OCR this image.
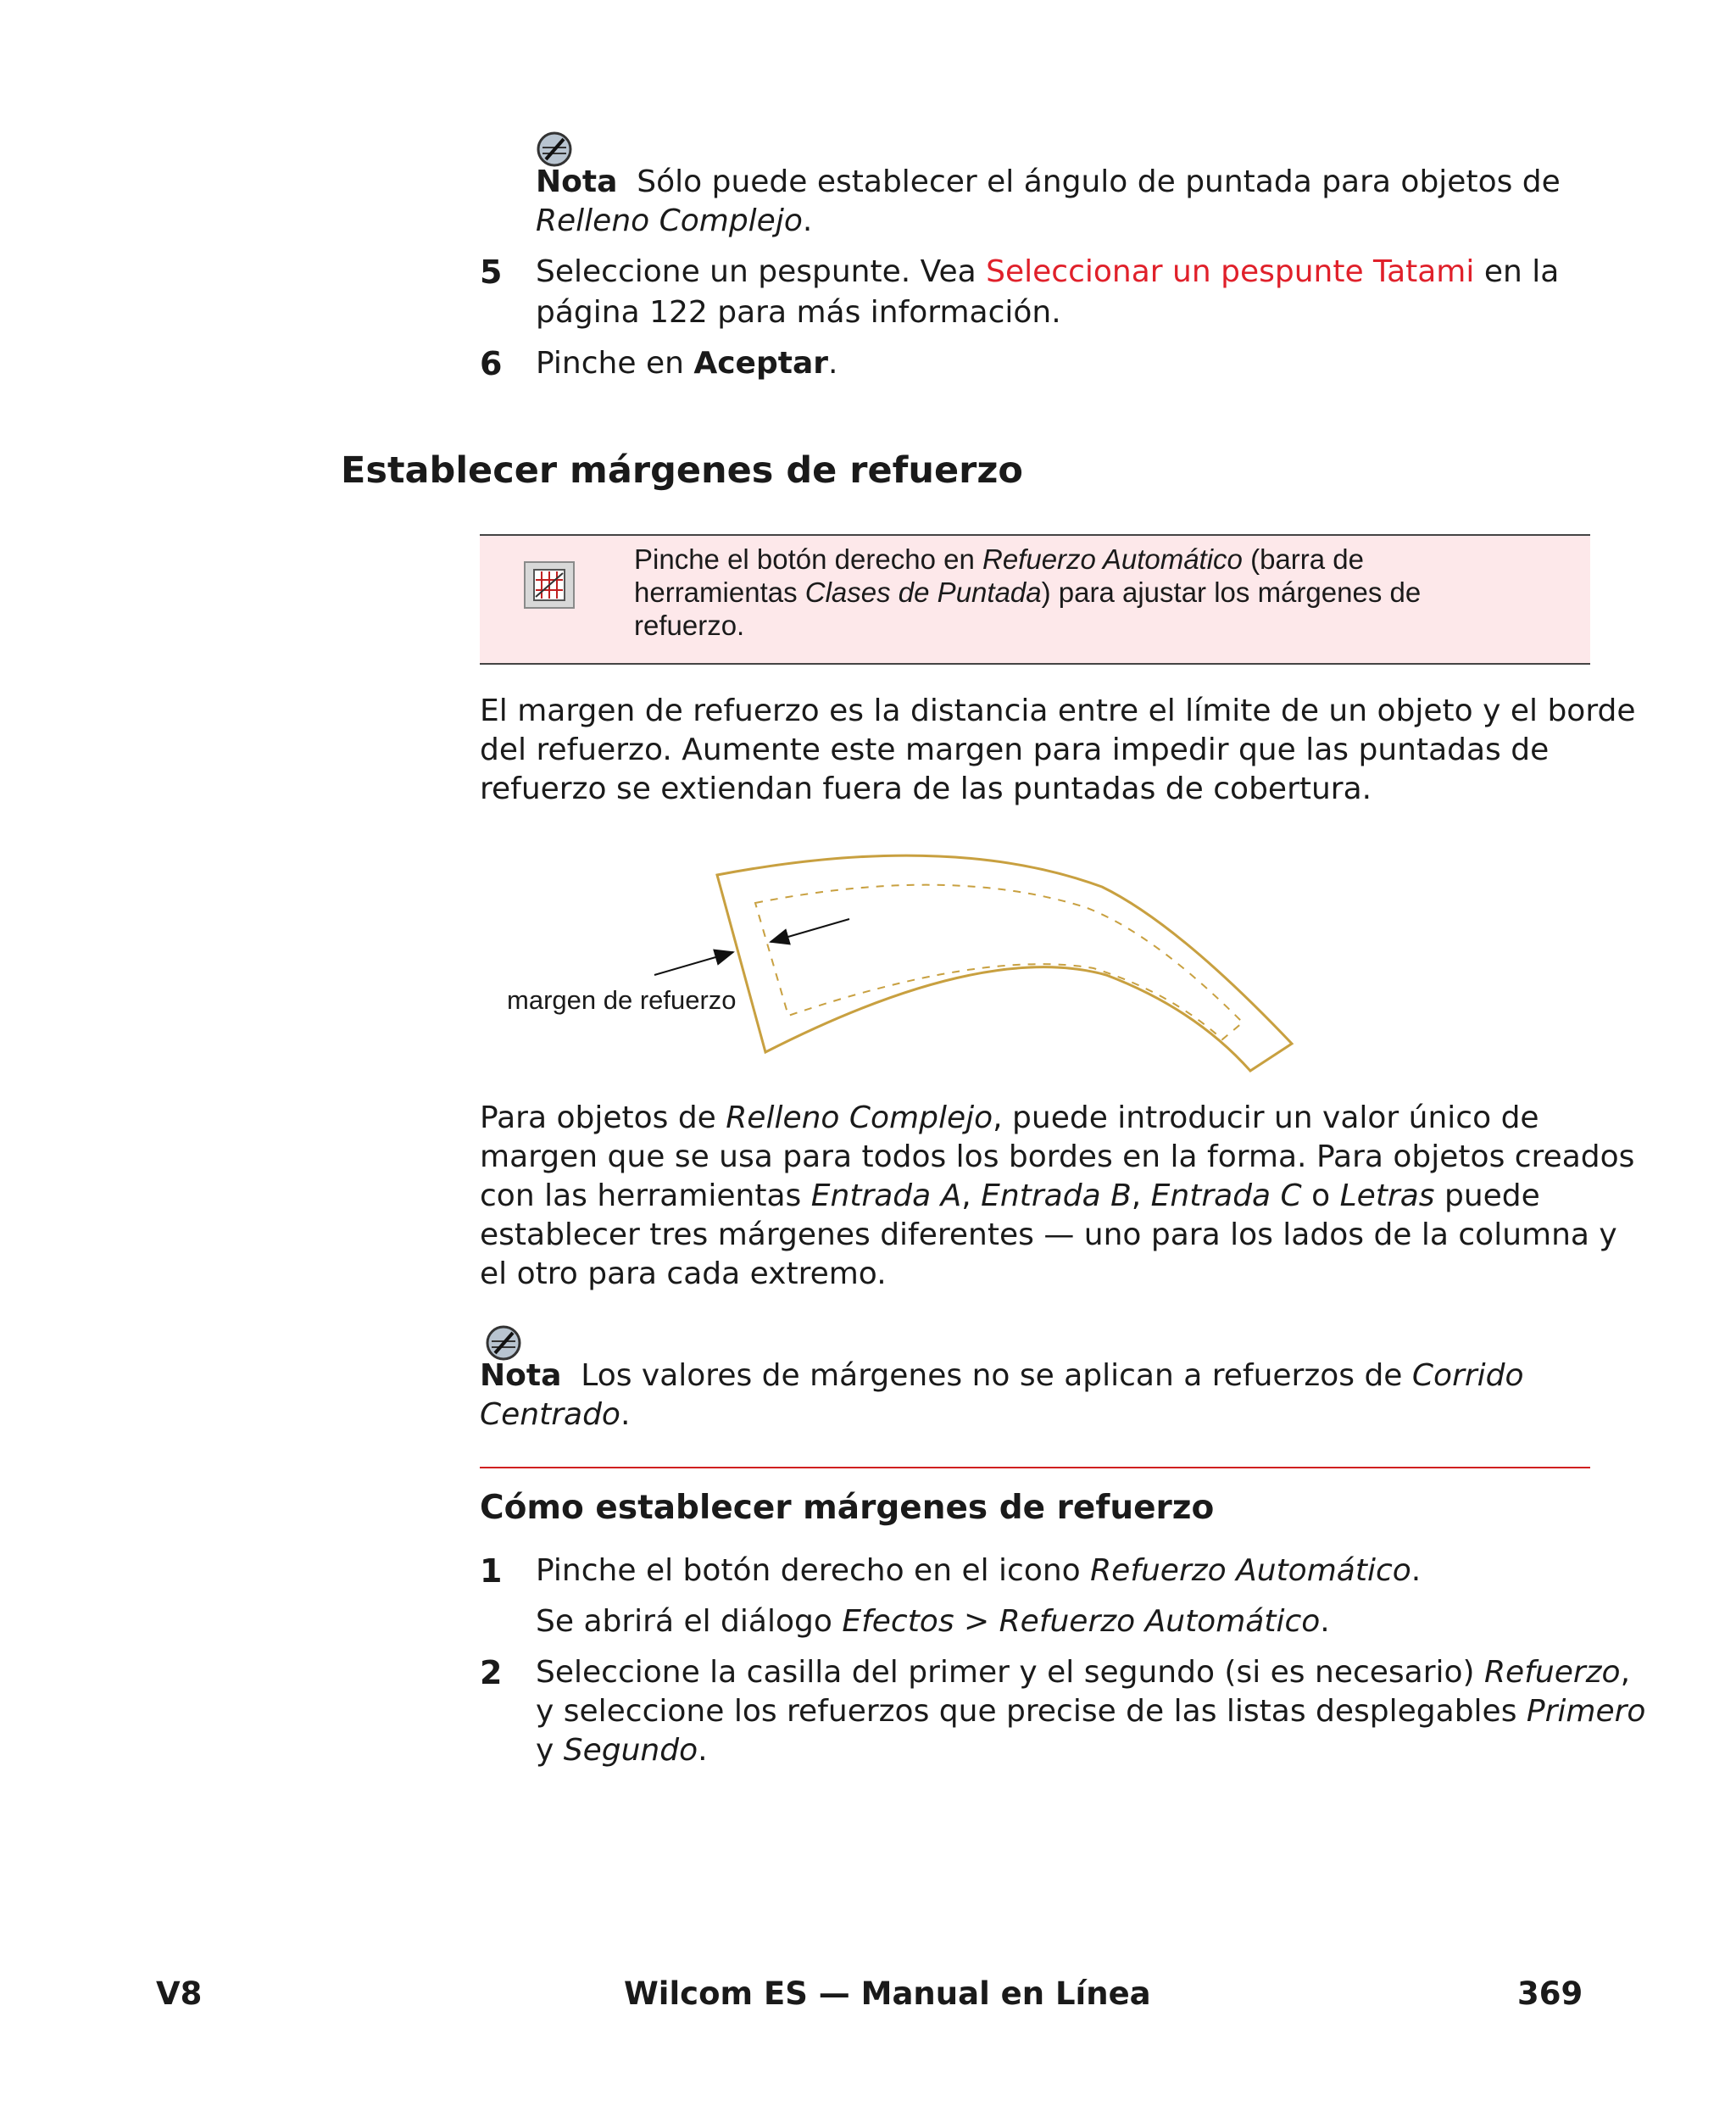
Nota Sólo puede establecer el ángulo de puntada para objetos de
Relleno Complejo.
5 Seleccione un pespunte. Vea Seleccionar un pespunte Tatami en la
página 122 para más información.
6 Pinche en Aceptar.
Establecer márgenes de refuerzo
Pinche el botón derecho en Refuerzo Automático (barra de
herramientas Clases de Puntada) para ajustar los márgenes de
refuerzo.
El margen de refuerzo es la distancia entre el límite de un objeto y el borde
del refuerzo. Aumente este margen para impedir que las puntadas de
refuerzo se extiendan fuera de las puntadas de cobertura.
margen de refuerzo
Para objetos de Relleno Complejo, puede introducir un valor único de
margen que se usa para todos los bordes en la forma. Para objetos creados
con las herramientas Entrada A, Entrada B, Entrada C o Letras puede
establecer tres márgenes diferentes — uno para los lados de la columna y
el otro para cada extremo.
Nota Los valores de márgenes no se aplican a refuerzos de Corrido
Centrado.
Cómo establecer márgenes de refuerzo
1 Pinche el botón derecho en el icono Refuerzo Automático.
Se abrirá el diálogo Efectos > Refuerzo Automático.
2 Seleccione la casilla del primer y el segundo (si es necesario) Refuerzo,
y seleccione los refuerzos que precise de las listas desplegables Primero
y Segundo.
V8	Wilcom ES — Manual en Línea	369
